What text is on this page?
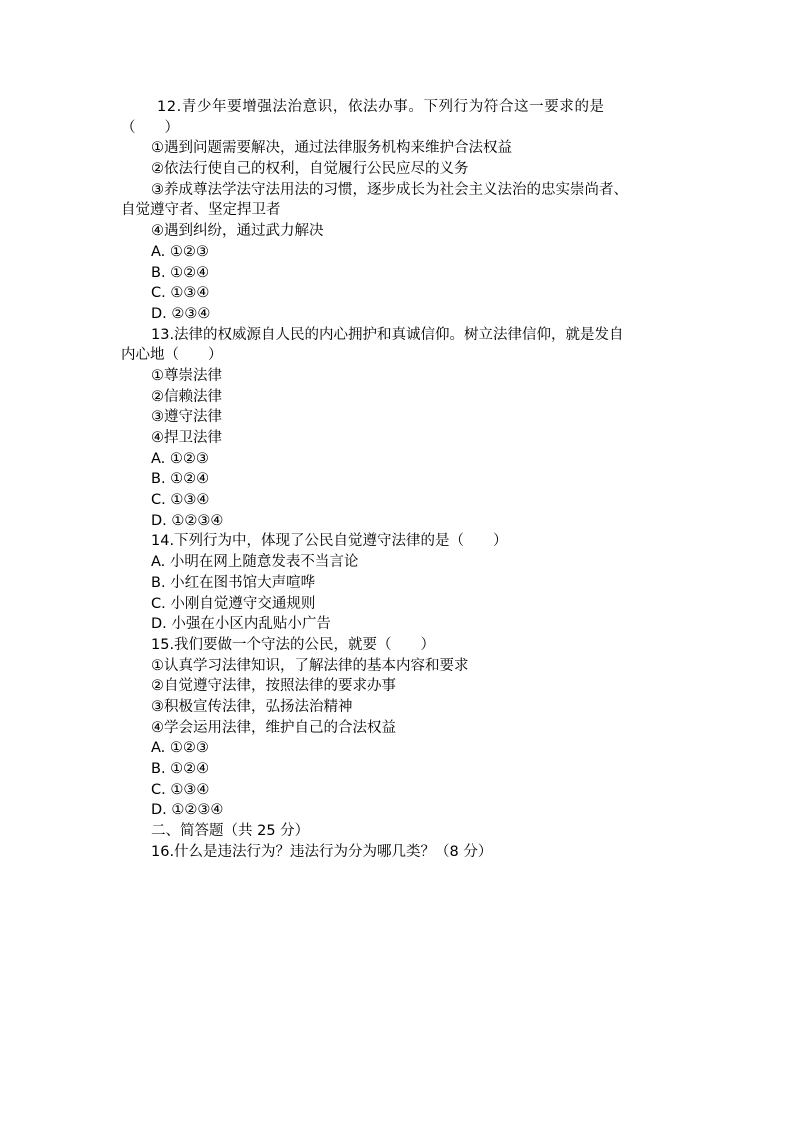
12.青少年要增强法治意识，依法办事。下列行为符合这一要求的是
（　　）
①遇到问题需要解决，通过法律服务机构来维护合法权益
②依法行使自己的权利，自觉履行公民应尽的义务
③养成尊法学法守法用法的习惯，逐步成长为社会主义法治的忠实崇尚者、
自觉遵守者、坚定捍卫者
④遇到纠纷，通过武力解决
A. ①②③
B. ①②④
C. ①③④
D. ②③④
13.法律的权威源自人民的内心拥护和真诚信仰。树立法律信仰，就是发自
内心地（　　）
①尊崇法律
②信赖法律
③遵守法律
④捍卫法律
A. ①②③
B. ①②④
C. ①③④
D. ①②③④
14.下列行为中，体现了公民自觉遵守法律的是（　　）
A. 小明在网上随意发表不当言论
B. 小红在图书馆大声喧哗
C. 小刚自觉遵守交通规则
D. 小强在小区内乱贴小广告
15.我们要做一个守法的公民，就要（　　）
①认真学习法律知识，了解法律的基本内容和要求
②自觉遵守法律，按照法律的要求办事
③积极宣传法律，弘扬法治精神
④学会运用法律，维护自己的合法权益
A. ①②③
B. ①②④
C. ①③④
D. ①②③④
二、简答题（共 25 分）
16.什么是违法行为？违法行为分为哪几类？（8 分）
